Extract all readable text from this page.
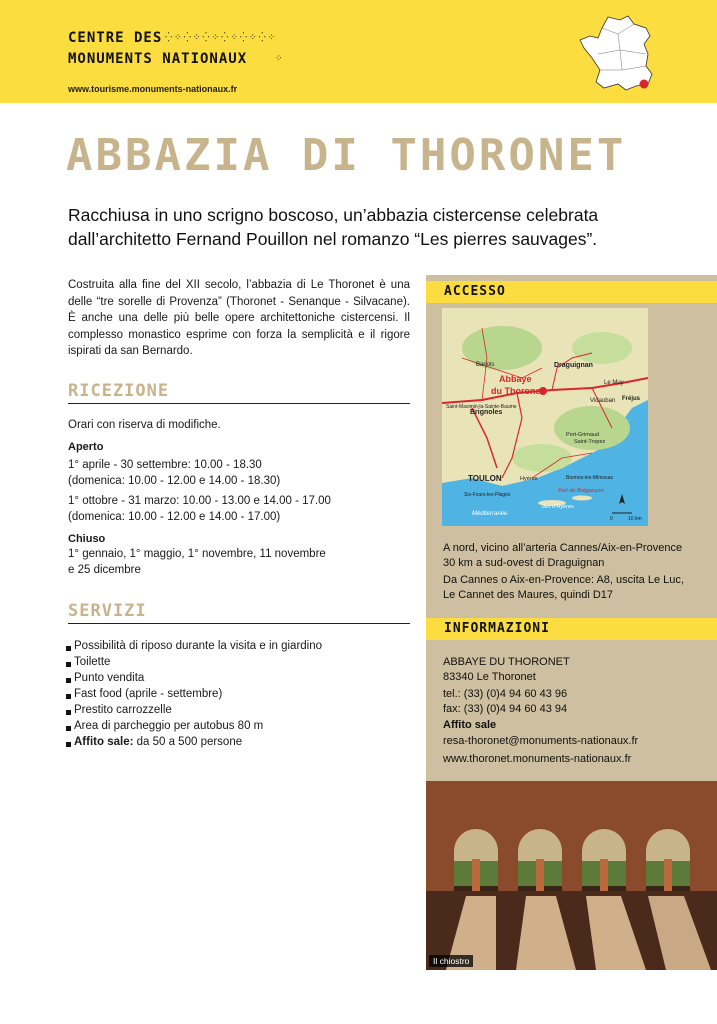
CENTRE DES ⁛⁘⁛⁘⁛⁘⁛⁘⁛⁘⁛⁘
MONUMENTS NATIONAUX	⁘
www.tourisme.monuments-nationaux.fr
ABBAZIA DI THORONET
Racchiusa in uno scrigno boscoso, un’abbazia cistercense celebrata dall’architetto Fernand Pouillon nel romanzo “Les pierres sauvages”.
Costruita alla fine del XII secolo, l’abbazia di Le Thoronet è una delle “tre sorelle di Provenza” (Thoronet - Senanque - Silvacane). È anche una delle più belle opere architettoniche cistercensi. Il complesso monastico esprime con forza la semplicità e il rigore ispirati da san Bernardo.
RICEZIONE
Orari con riserva di modifiche.
Aperto
1° aprile - 30 settembre: 10.00 - 18.30
(domenica: 10.00 - 12.00 e 14.00 - 18.30)
1° ottobre - 31 marzo: 10.00 - 13.00 e 14.00 - 17.00
(domenica: 10.00 - 12.00 e 14.00 - 17.00)
Chiuso
1° gennaio, 1° maggio, 1° novembre, 11 novembre
e 25 dicembre
SERVIZI
Possibilità di riposo durante la visita e in giardino
Toilette
Punto vendita
Fast food (aprile - settembre)
Prestito carrozzelle
Area di parcheggio per autobus 80 m
Affito sale: da 50 a 500 persone
ACCESSO
Draguignan
Barjols
Abbaye
du Thoronet
Saint-Maximin-la-Sainte-Baume
Brignoles
Le Muy
Vidauban Fréjus
Port-Grimaud
Saint-Tropez
TOULON	Hyères
Six-Fours-les-Plages
Bormes-les-Mimosas
Fort de Brégançon
Îles d’Hyères
Méditerranée
0	10 km
A nord, vicino all’arteria Cannes/Aix-en-Provence
30 km a sud-ovest di Draguignan
Da Cannes o Aix-en-Provence: A8, uscita Le Luc,
Le Cannet des Maures, quindi D17
INFORMAZIONI
ABBAYE DU THORONET
83340 Le Thoronet
tel.: (33) (0)4 94 60 43 96
fax: (33) (0)4 94 60 43 94
Affito sale
resa-thoronet@monuments-nationaux.fr
www.thoronet.monuments-nationaux.fr
Il chiostro
